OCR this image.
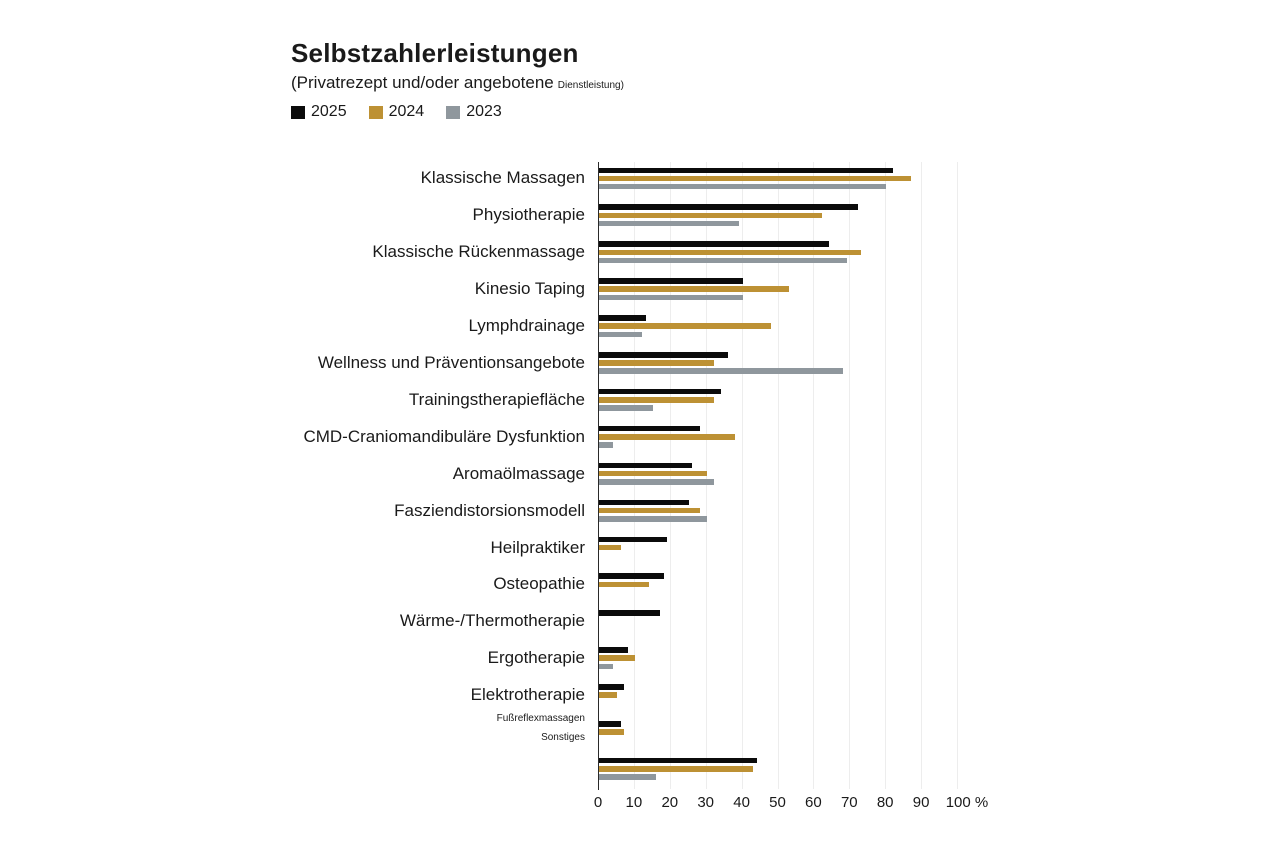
Selbstzahlerleistungen
(Privatrezept und/oder angebotene Dienstleistung)
2025	2024	2023
Klassische Massagen
Physiotherapie
Klassische Rückenmassage
Kinesio Taping
Lymphdrainage
Wellness und Präventionsangebote
Trainingstherapiefläche
CMD-Craniomandibuläre Dysfunktion
Aromaölmassage
Fasziendistorsionsmodell
Heilpraktiker
Osteopathie
Wärme-/Thermotherapie
Ergotherapie
Elektrotherapie
Fußreflexmassagen
Sonstiges
0	10	20	30	40	50	60	70	80	90	100 %
